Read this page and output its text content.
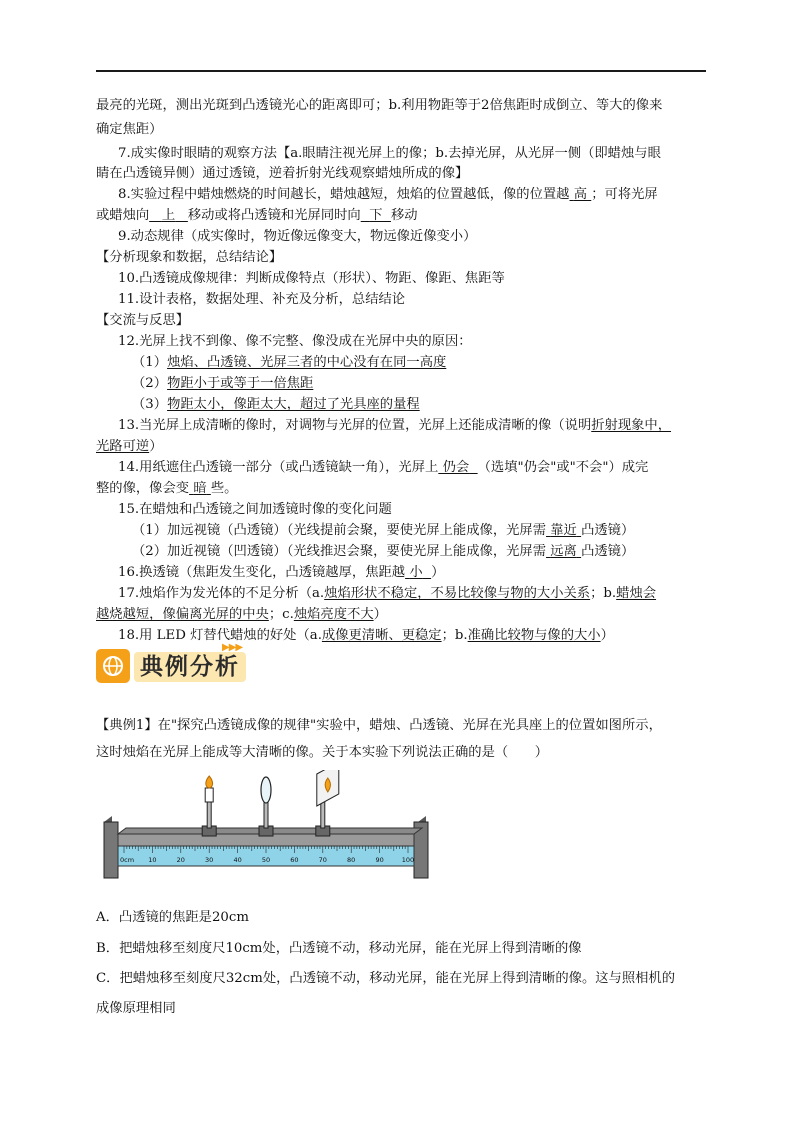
最亮的光斑，测出光斑到凸透镜光心的距离即可；b.利用物距等于2倍焦距时成倒立、等大的像来
确定焦距）
7.成实像时眼睛的观察方法【a.眼睛注视光屏上的像；b.去掉光屏，从光屏一侧（即蜡烛与眼
睛在凸透镜异侧）通过透镜，逆着折射光线观察蜡烛所成的像】
8.实验过程中蜡烛燃烧的时间越长，蜡烛越短，烛焰的位置越低，像的位置越 高 ；可将光屏
或蜡烛向 上 移动或将凸透镜和光屏同时向 下 移动
9.动态规律（成实像时，物近像远像变大，物远像近像变小）
【分析现象和数据，总结结论】
10.凸透镜成像规律：判断成像特点（形状）、物距、像距、焦距等
11.设计表格，数据处理、补充及分析，总结结论
【交流与反思】
12.光屏上找不到像、像不完整、像没成在光屏中央的原因：
（1）烛焰、凸透镜、光屏三者的中心没有在同一高度
（2）物距小于或等于一倍焦距
（3）物距太小，像距太大，超过了光具座的量程
13.当光屏上成清晰的像时，对调物与光屏的位置，光屏上还能成清晰的像（说明折射现象中，
光路可逆）
14.用纸遮住凸透镜一部分（或凸透镜缺一角），光屏上 仍会 （选填"仍会"或"不会"）成完
整的像，像会变 暗 些。
15.在蜡烛和凸透镜之间加透镜时像的变化问题
（1）加远视镜（凸透镜）（光线提前会聚，要使光屏上能成像，光屏需 靠近 凸透镜）
（2）加近视镜（凹透镜）（光线推迟会聚，要使光屏上能成像，光屏需 远离 凸透镜）
16.换透镜（焦距发生变化，凸透镜越厚，焦距越 小 ）
17.烛焰作为发光体的不足分析（a.烛焰形状不稳定，不易比较像与物的大小关系；b.蜡烛会
越烧越短，像偏离光屏的中央；c.烛焰亮度不大）
18.用 LED 灯替代蜡烛的好处（a.成像更清晰、更稳定；b.准确比较物与像的大小）
典例分析
▶▶▶
【典例1】在"探究凸透镜成像的规律"实验中，蜡烛、凸透镜、光屏在光具座上的位置如图所示，
这时烛焰在光屏上能成等大清晰的像。关于本实验下列说法正确的是（　　）
0cm 10	20	30	40	50	60	70	80	90	100
A．凸透镜的焦距是20cm
B．把蜡烛移至刻度尺10cm处，凸透镜不动，移动光屏，能在光屏上得到清晰的像
C．把蜡烛移至刻度尺32cm处，凸透镜不动，移动光屏，能在光屏上得到清晰的像。这与照相机的
成像原理相同
